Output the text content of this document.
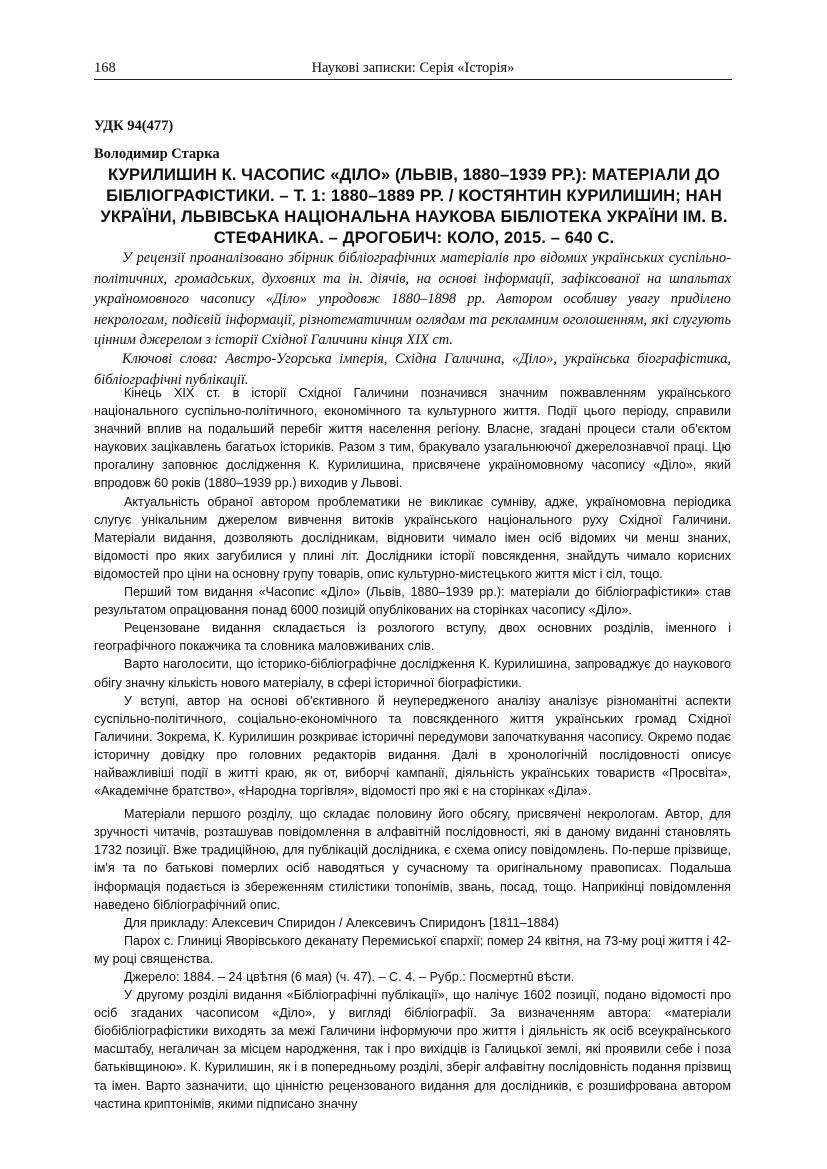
168	Наукові записки: Серія «Історія»
УДК 94(477)
Володимир Старка
КУРИЛИШИН К. ЧАСОПИС «ДІЛО» (ЛЬВІВ, 1880–1939 РР.): МАТЕРІАЛИ ДО БІБЛІОГРАФІСТИКИ. – Т. 1: 1880–1889 РР. / КОСТЯНТИН КУРИЛИШИН; НАН УКРАЇНИ, ЛЬВІВСЬКА НАЦІОНАЛЬНА НАУКОВА БІБЛІОТЕКА УКРАЇНИ ІМ. В. СТЕФАНИКА. – ДРОГОБИЧ: КОЛО, 2015. – 640 С.
У рецензії проаналізовано збірник бібліографічних матеріалів про відомих українських суспільно-політичних, громадських, духовних та ін. діячів, на основі інформації, зафіксованої на шпальтах україномовного часопису «Діло» упродовж 1880–1898 рр. Автором особливу увагу приділено некрологам, подієвій інформації, різнотематичним оглядам та рекламним оголошенням, які слугують цінним джерелом з історії Східної Галичини кінця ХІХ ст.
Ключові слова: Австро-Угорська імперія, Східна Галичина, «Діло», українська біографістика, бібліографічні публікації.

Кінець ХІХ ст. в історії Східної Галичини позначився значним пожвавленням українського національного суспільно-політичного, економічного та культурного життя. Події цього періоду, справили значний вплив на подальший перебіг життя населення регіону. Власне, згадані процеси стали об'єктом наукових зацікавлень багатьох істориків. Разом з тим, бракувало узагальнюючої джерелознавчої праці. Цю прогалину заповнює дослідження К. Курилишина, присвячене україномовному часопису «Діло», який впродовж 60 років (1880–1939 рр.) виходив у Львові.

Актуальність обраної автором проблематики не викликає сумніву, адже, україномовна періодика слугує унікальним джерелом вивчення витоків українського національного руху Східної Галичини. Матеріали видання, дозволяють дослідникам, відновити чимало імен осіб відомих чи менш знаних, відомості про яких загубилися у плині літ. Дослідники історії повсякдення, знайдуть чимало корисних відомостей про ціни на основну групу товарів, опис культурно-мистецького життя міст і сіл, тощо.

Перший том видання «Часопис «Діло» (Львів, 1880–1939 рр.): матеріали до бібліографістики» став результатом опрацювання понад 6000 позицій опублікованих на сторінках часопису «Діло».

Рецензоване видання складається із розлогого вступу, двох основних розділів, іменного і географічного покажчика та словника маловживаних слів.

Варто наголосити, що історико-бібліографічне дослідження К. Курилишина, запроваджує до наукового обігу значну кількість нового матеріалу, в сфері історичної біографістики.

У вступі, автор на основі об'єктивного й неупередженого аналізу аналізує різноманітні аспекти суспільно-політичного, соціально-економічного та повсякденного життя українських громад Східної Галичини. Зокрема, К. Курилишин розкриває історичні передумови започаткування часопису. Окремо подає історичну довідку про головних редакторів видання. Далі в хронологічній послідовності описує найважливіші події в житті краю, як от, виборчі кампанії, діяльність українських товариств «Просвіта», «Академічне братство», «Народна торгівля», відомості про які є на сторінках «Діла».

Матеріали першого розділу, що складає половину його обсягу, присвячені некрологам. Автор, для зручності читачів, розташував повідомлення в алфавітній послідовності, які в даному виданні становлять 1732 позиції. Вже традиційною, для публікацій дослідника, є схема опису повідомлень. По-перше прізвище, ім'я та по батькові померлих осіб наводяться у сучасному та оригінальному правописах. Подальша інформація подається із збереженням стилістики топонімів, звань, посад, тощо. Наприкінці повідомлення наведено бібліографічний опис.

Для прикладу: Алексевич Спиридон / Алексевичъ Спиридонъ [1811–1884)

Парох с. Глиниці Яворівського деканату Перемиської єпархії; помер 24 квітня, на 73-му році життя і 42-му році священства.

Джерело: 1884. – 24 цвѣтня (6 мая) (ч. 47). – С. 4. – Рубр.: Посмертнû вѣсти.

У другому розділі видання «Бібліографічні публікації», що налічує 1602 позиції, подано відомості про осіб згаданих часописом «Діло», у вигляді бібліографії. За визначенням автора: «матеріали біобібліографістики виходять за межі Галичини інформуючи про життя і діяльність як осіб всеукраїнського масштабу, негаличан за місцем народження, так і про вихідців із Галицької землі, які проявили себе і поза батьківщиною». К. Курилишин, як і в попередньому розділі, зберіг алфавітну послідовність подання прізвищ та імен. Варто зазначити, що цінністю рецензованого видання для дослідників, є розшифрована автором частина криптонімів, якими підписано значну
